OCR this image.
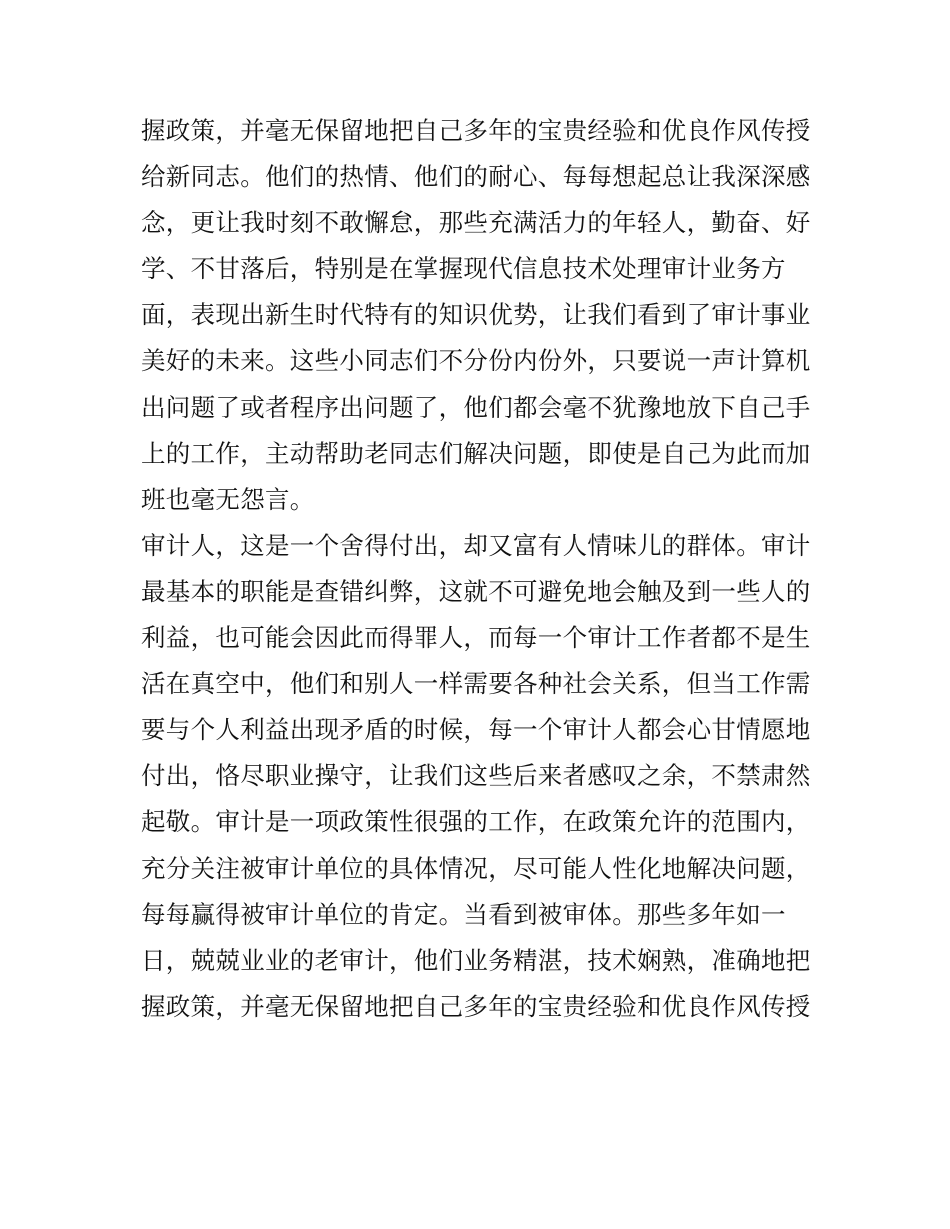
握政策，并毫无保留地把自己多年的宝贵经验和优良作风传授
给新同志。他们的热情、他们的耐心、每每想起总让我深深感
念，更让我时刻不敢懈怠，那些充满活力的年轻人，勤奋、好
学、不甘落后，特别是在掌握现代信息技术处理审计业务方
面，表现出新生时代特有的知识优势，让我们看到了审计事业
美好的未来。这些小同志们不分份内份外，只要说一声计算机
出问题了或者程序出问题了，他们都会毫不犹豫地放下自己手
上的工作，主动帮助老同志们解决问题，即使是自己为此而加
班也毫无怨言。
审计人，这是一个舍得付出，却又富有人情味儿的群体。审计
最基本的职能是查错纠弊，这就不可避免地会触及到一些人的
利益，也可能会因此而得罪人，而每一个审计工作者都不是生
活在真空中，他们和别人一样需要各种社会关系，但当工作需
要与个人利益出现矛盾的时候，每一个审计人都会心甘情愿地
付出，恪尽职业操守，让我们这些后来者感叹之余，不禁肃然
起敬。审计是一项政策性很强的工作，在政策允许的范围内，
充分关注被审计单位的具体情况，尽可能人性化地解决问题，
每每赢得被审计单位的肯定。当看到被审体。那些多年如一
日，兢兢业业的老审计，他们业务精湛，技术娴熟，准确地把
握政策，并毫无保留地把自己多年的宝贵经验和优良作风传授
